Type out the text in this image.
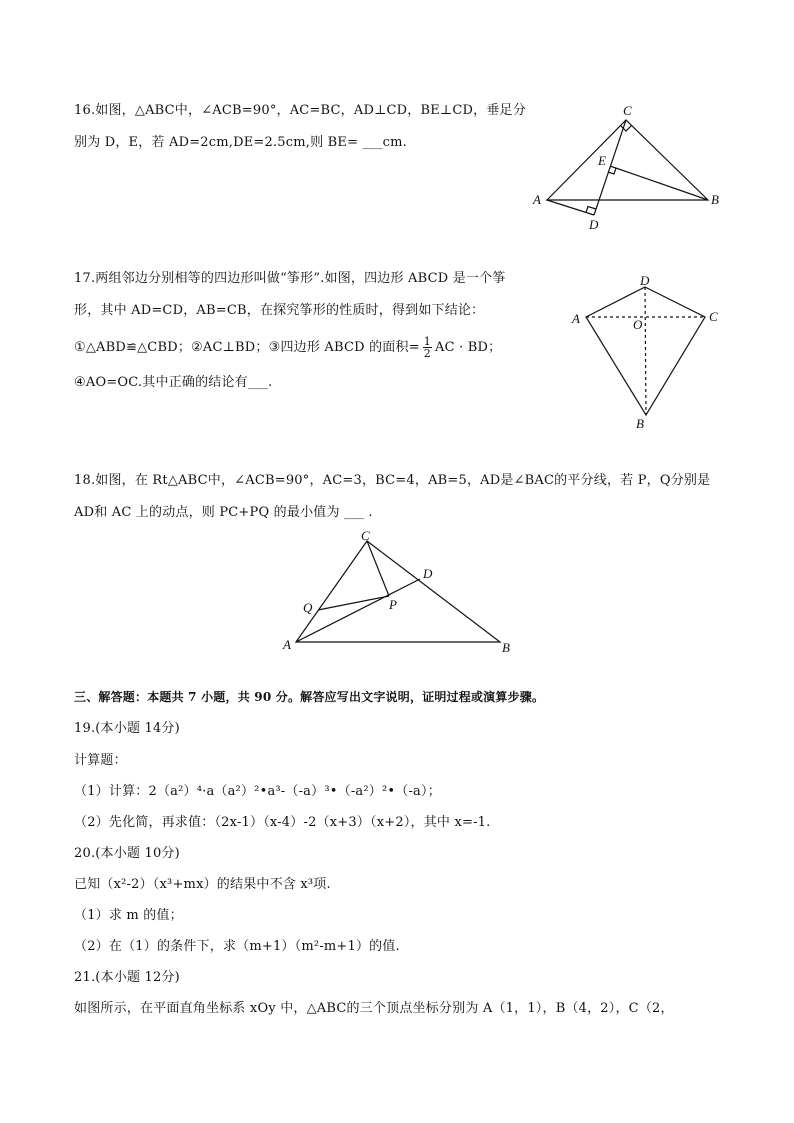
16.如图，△ABC中，∠ACB=90°，AC=BC，AD⊥CD，BE⊥CD，垂足分
别为 D，E，若 AD=2cm,DE=2.5cm,则 BE= ___cm.
C
E
A	B
D
17.两组邻边分别相等的四边形叫做“筝形”.如图，四边形 ABCD 是一个筝
形，其中 AD=CD，AB=CB，在探究筝形的性质时，得到如下结论：
①△ABD≌△CBD；②AC⊥BD；③四边形 ABCD 的面积= $\frac{1}{2}$ AC · BD；
④AO=OC.其中正确的结论有___.
D
A	C
O
B
18.如图，在 Rt△ABC中，∠ACB=90°，AC=3，BC=4，AB=5，AD是∠BAC的平分线，若 P，Q分别是
AD和 AC 上的动点，则 PC+PQ 的最小值为 ___ .
C
D
Q	P
A	B
三、解答题：本题共 7 小题，共 90 分。解答应写出文字说明，证明过程或演算步骤。
19.(本小题 14分)
计算题：
（1）计算：2（a²）⁴·a（a²）²•a³-（-a）³•（-a²）²•（-a）；
（2）先化简，再求值：（2x-1）（x-4）-2（x+3）（x+2），其中 x=-1.
20.(本小题 10分)
已知（x²-2）（x³+mx）的结果中不含 x³项.
（1）求 m 的值；
（2）在（1）的条件下，求（m+1）（m²-m+1）的值.
21.(本小题 12分)
如图所示，在平面直角坐标系 xOy 中，△ABC的三个顶点坐标分别为 A（1，1），B（4，2），C（2，
